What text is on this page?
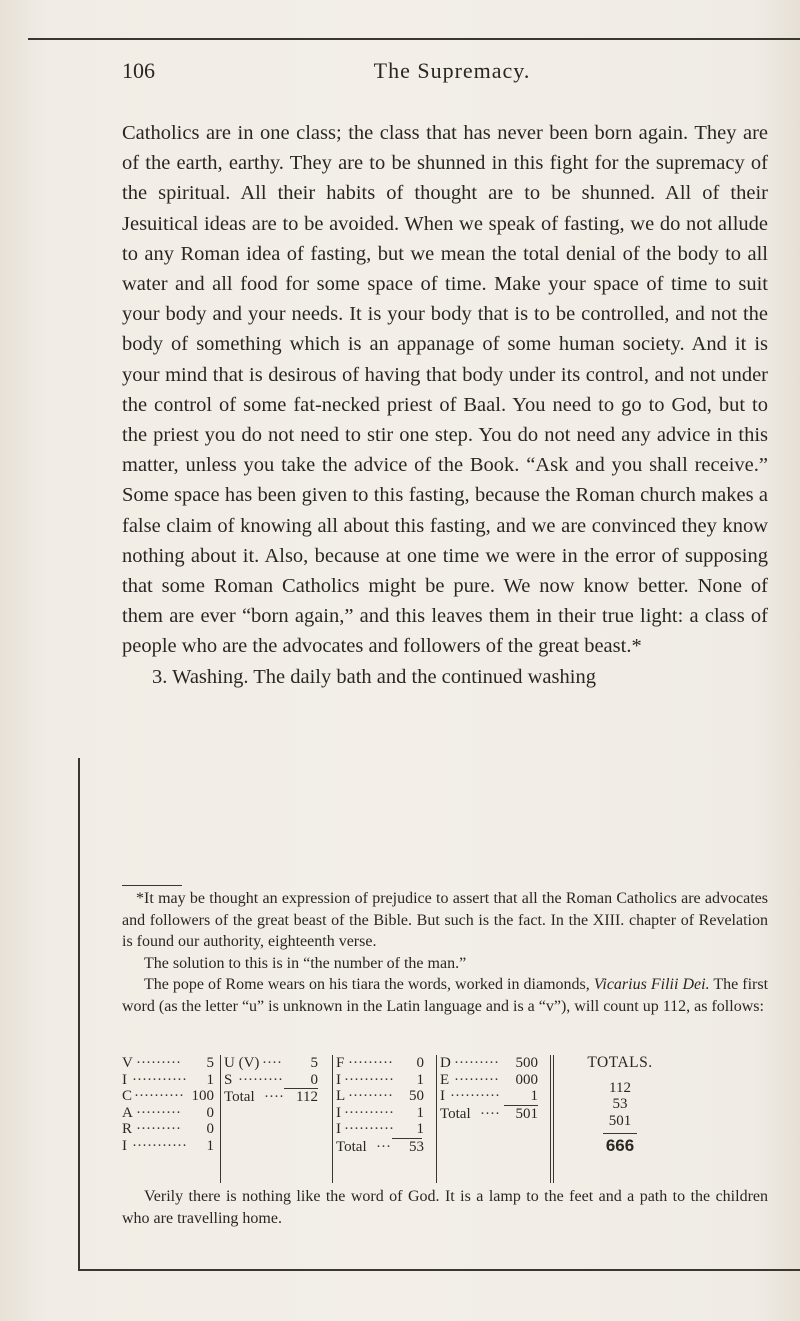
106	The Supremacy.

Catholics are in one class; the class that has never been born again. They are of the earth, earthy. They are to be shunned in this fight for the supremacy of the spiritual. All their habits of thought are to be shunned. All of their Jesuitical ideas are to be avoided. When we speak of fasting, we do not allude to any Roman idea of fasting, but we mean the total denial of the body to all water and all food for some space of time. Make your space of time to suit your body and your needs. It is your body that is to be controlled, and not the body of something which is an appanage of some human society. And it is your mind that is desirous of having that body under its control, and not under the control of some fat-necked priest of Baal. You need to go to God, but to the priest you do not need to stir one step. You do not need any advice in this matter, unless you take the advice of the Book. “Ask and you shall receive.” Some space has been given to this fasting, because the Roman church makes a false claim of knowing all about this fasting, and we are convinced they know nothing about it. Also, because at one time we were in the error of supposing that some Roman Catholics might be pure. We now know better. None of them are ever “born again,” and this leaves them in their true light: a class of people who are the advocates and followers of the great beast.*

3. Washing. The daily bath and the continued washing

*It may be thought an expression of prejudice to assert that all the Roman Catholics are advocates and followers of the great beast of the Bible. But such is the fact. In the XIII. chapter of Revelation is found our authority, eighteenth verse.

The solution to this is in “the number of the man.”

The pope of Rome wears on his tiara the words, worked in diamonds, Vicarius Filii Dei. The first word (as the letter “u” is unknown in the Latin language and is a “v”), will count up 112, as follows:

V ········· 5
I ··········· 1
C ·········· 100
A ········· 0
R ········· 0
I ··········· 1
U (V) ···· 5
S ········· 0
Total ···· 112
F ········· 0
I ·········· 1
L ········· 50
I ·········· 1
I ·········· 1
Total ··· 53
D ········· 500
E ········· 000
I ·········· 1
Total ···· 501
TOTALS.
112
53
501
666

Verily there is nothing like the word of God. It is a lamp to the feet and a path to the children who are travelling home.
